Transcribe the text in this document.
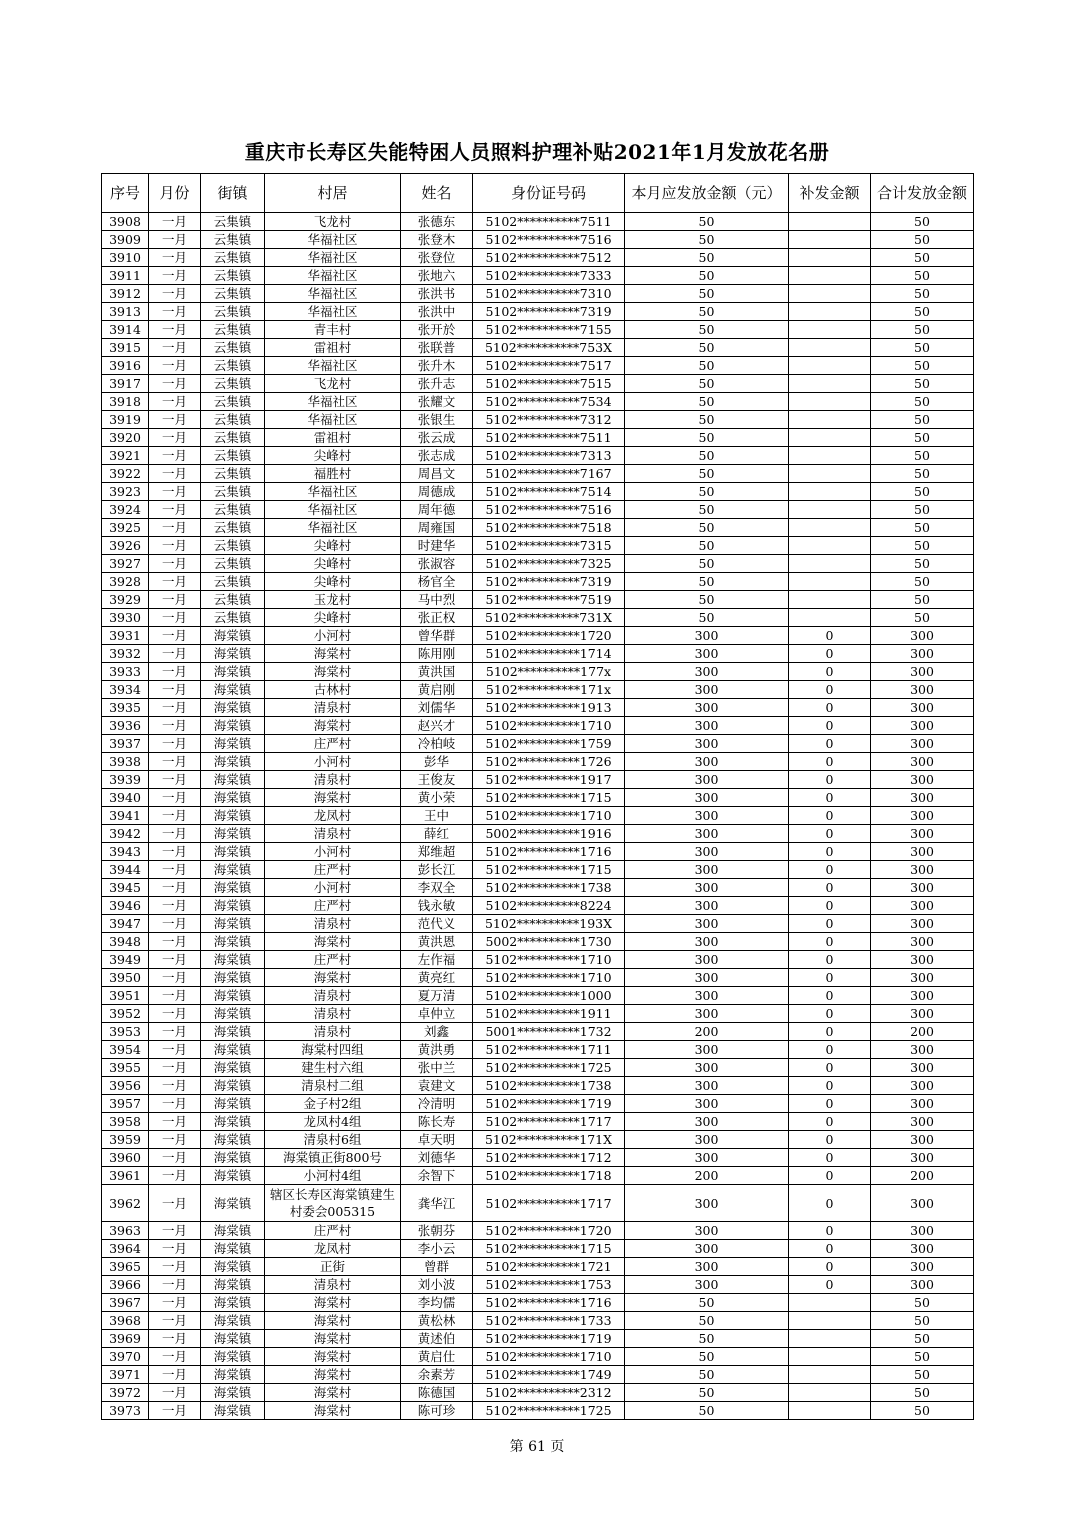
重庆市长寿区失能特困人员照料护理补贴2021年1月发放花名册
序号	月份	街镇	村居	姓名	身份证号码	本月应发放金额（元）	补发金额	合计发放金额
3908	一月	云集镇	飞龙村	张德东	5102**********7511	50		50
3909	一月	云集镇	华福社区	张登木	5102**********7516	50		50
3910	一月	云集镇	华福社区	张登位	5102**********7512	50		50
3911	一月	云集镇	华福社区	张地六	5102**********7333	50		50
3912	一月	云集镇	华福社区	张洪书	5102**********7310	50		50
3913	一月	云集镇	华福社区	张洪中	5102**********7319	50		50
3914	一月	云集镇	青丰村	张开於	5102**********7155	50		50
3915	一月	云集镇	雷祖村	张联普	5102**********753X	50		50
3916	一月	云集镇	华福社区	张升木	5102**********7517	50		50
3917	一月	云集镇	飞龙村	张升志	5102**********7515	50		50
3918	一月	云集镇	华福社区	张耀文	5102**********7534	50		50
3919	一月	云集镇	华福社区	张银生	5102**********7312	50		50
3920	一月	云集镇	雷祖村	张云成	5102**********7511	50		50
3921	一月	云集镇	尖峰村	张志成	5102**********7313	50		50
3922	一月	云集镇	福胜村	周昌文	5102**********7167	50		50
3923	一月	云集镇	华福社区	周德成	5102**********7514	50		50
3924	一月	云集镇	华福社区	周年德	5102**********7516	50		50
3925	一月	云集镇	华福社区	周雍国	5102**********7518	50		50
3926	一月	云集镇	尖峰村	时建华	5102**********7315	50		50
3927	一月	云集镇	尖峰村	张淑容	5102**********7325	50		50
3928	一月	云集镇	尖峰村	杨官全	5102**********7319	50		50
3929	一月	云集镇	玉龙村	马中烈	5102**********7519	50		50
3930	一月	云集镇	尖峰村	张正权	5102**********731X	50		50
3931	一月	海棠镇	小河村	曾华群	5102**********1720	300	0	300
3932	一月	海棠镇	海棠村	陈用刚	5102**********1714	300	0	300
3933	一月	海棠镇	海棠村	黄洪国	5102**********177x	300	0	300
3934	一月	海棠镇	古林村	黄启刚	5102**********171x	300	0	300
3935	一月	海棠镇	清泉村	刘儒华	5102**********1913	300	0	300
3936	一月	海棠镇	海棠村	赵兴才	5102**********1710	300	0	300
3937	一月	海棠镇	庄严村	冷柏岐	5102**********1759	300	0	300
3938	一月	海棠镇	小河村	彭华	5102**********1726	300	0	300
3939	一月	海棠镇	清泉村	王俊友	5102**********1917	300	0	300
3940	一月	海棠镇	海棠村	黄小荣	5102**********1715	300	0	300
3941	一月	海棠镇	龙凤村	王中	5102**********1710	300	0	300
3942	一月	海棠镇	清泉村	薛红	5002**********1916	300	0	300
3943	一月	海棠镇	小河村	郑维超	5102**********1716	300	0	300
3944	一月	海棠镇	庄严村	彭长江	5102**********1715	300	0	300
3945	一月	海棠镇	小河村	李双全	5102**********1738	300	0	300
3946	一月	海棠镇	庄严村	钱永敏	5102**********8224	300	0	300
3947	一月	海棠镇	清泉村	范代义	5102**********193X	300	0	300
3948	一月	海棠镇	海棠村	黄洪恩	5002**********1730	300	0	300
3949	一月	海棠镇	庄严村	左作福	5102**********1710	300	0	300
3950	一月	海棠镇	海棠村	黄亮红	5102**********1710	300	0	300
3951	一月	海棠镇	清泉村	夏万清	5102**********1000	300	0	300
3952	一月	海棠镇	清泉村	卓仲立	5102**********1911	300	0	300
3953	一月	海棠镇	清泉村	刘鑫	5001**********1732	200	0	200
3954	一月	海棠镇	海棠村四组	黄洪勇	5102**********1711	300	0	300
3955	一月	海棠镇	建生村六组	张中兰	5102**********1725	300	0	300
3956	一月	海棠镇	清泉村二组	袁建文	5102**********1738	300	0	300
3957	一月	海棠镇	金子村2组	冷清明	5102**********1719	300	0	300
3958	一月	海棠镇	龙凤村4组	陈长寿	5102**********1717	300	0	300
3959	一月	海棠镇	清泉村6组	卓天明	5102**********171X	300	0	300
3960	一月	海棠镇	海棠镇正街800号	刘德华	5102**********1712	300	0	300
3961	一月	海棠镇	小河村4组	余智下	5102**********1718	200	0	200
3962	一月	海棠镇	辖区长寿区海棠镇建生村委会005315	龚华江	5102**********1717	300	0	300
3963	一月	海棠镇	庄严村	张朝芬	5102**********1720	300	0	300
3964	一月	海棠镇	龙凤村	李小云	5102**********1715	300	0	300
3965	一月	海棠镇	正街	曾群	5102**********1721	300	0	300
3966	一月	海棠镇	清泉村	刘小波	5102**********1753	300	0	300
3967	一月	海棠镇	海棠村	李均儒	5102**********1716	50		50
3968	一月	海棠镇	海棠村	黄松林	5102**********1733	50		50
3969	一月	海棠镇	海棠村	黄述伯	5102**********1719	50		50
3970	一月	海棠镇	海棠村	黄启仕	5102**********1710	50		50
3971	一月	海棠镇	海棠村	余素芳	5102**********1749	50		50
3972	一月	海棠镇	海棠村	陈德国	5102**********2312	50		50
3973	一月	海棠镇	海棠村	陈可珍	5102**********1725	50		50
第 61 页
